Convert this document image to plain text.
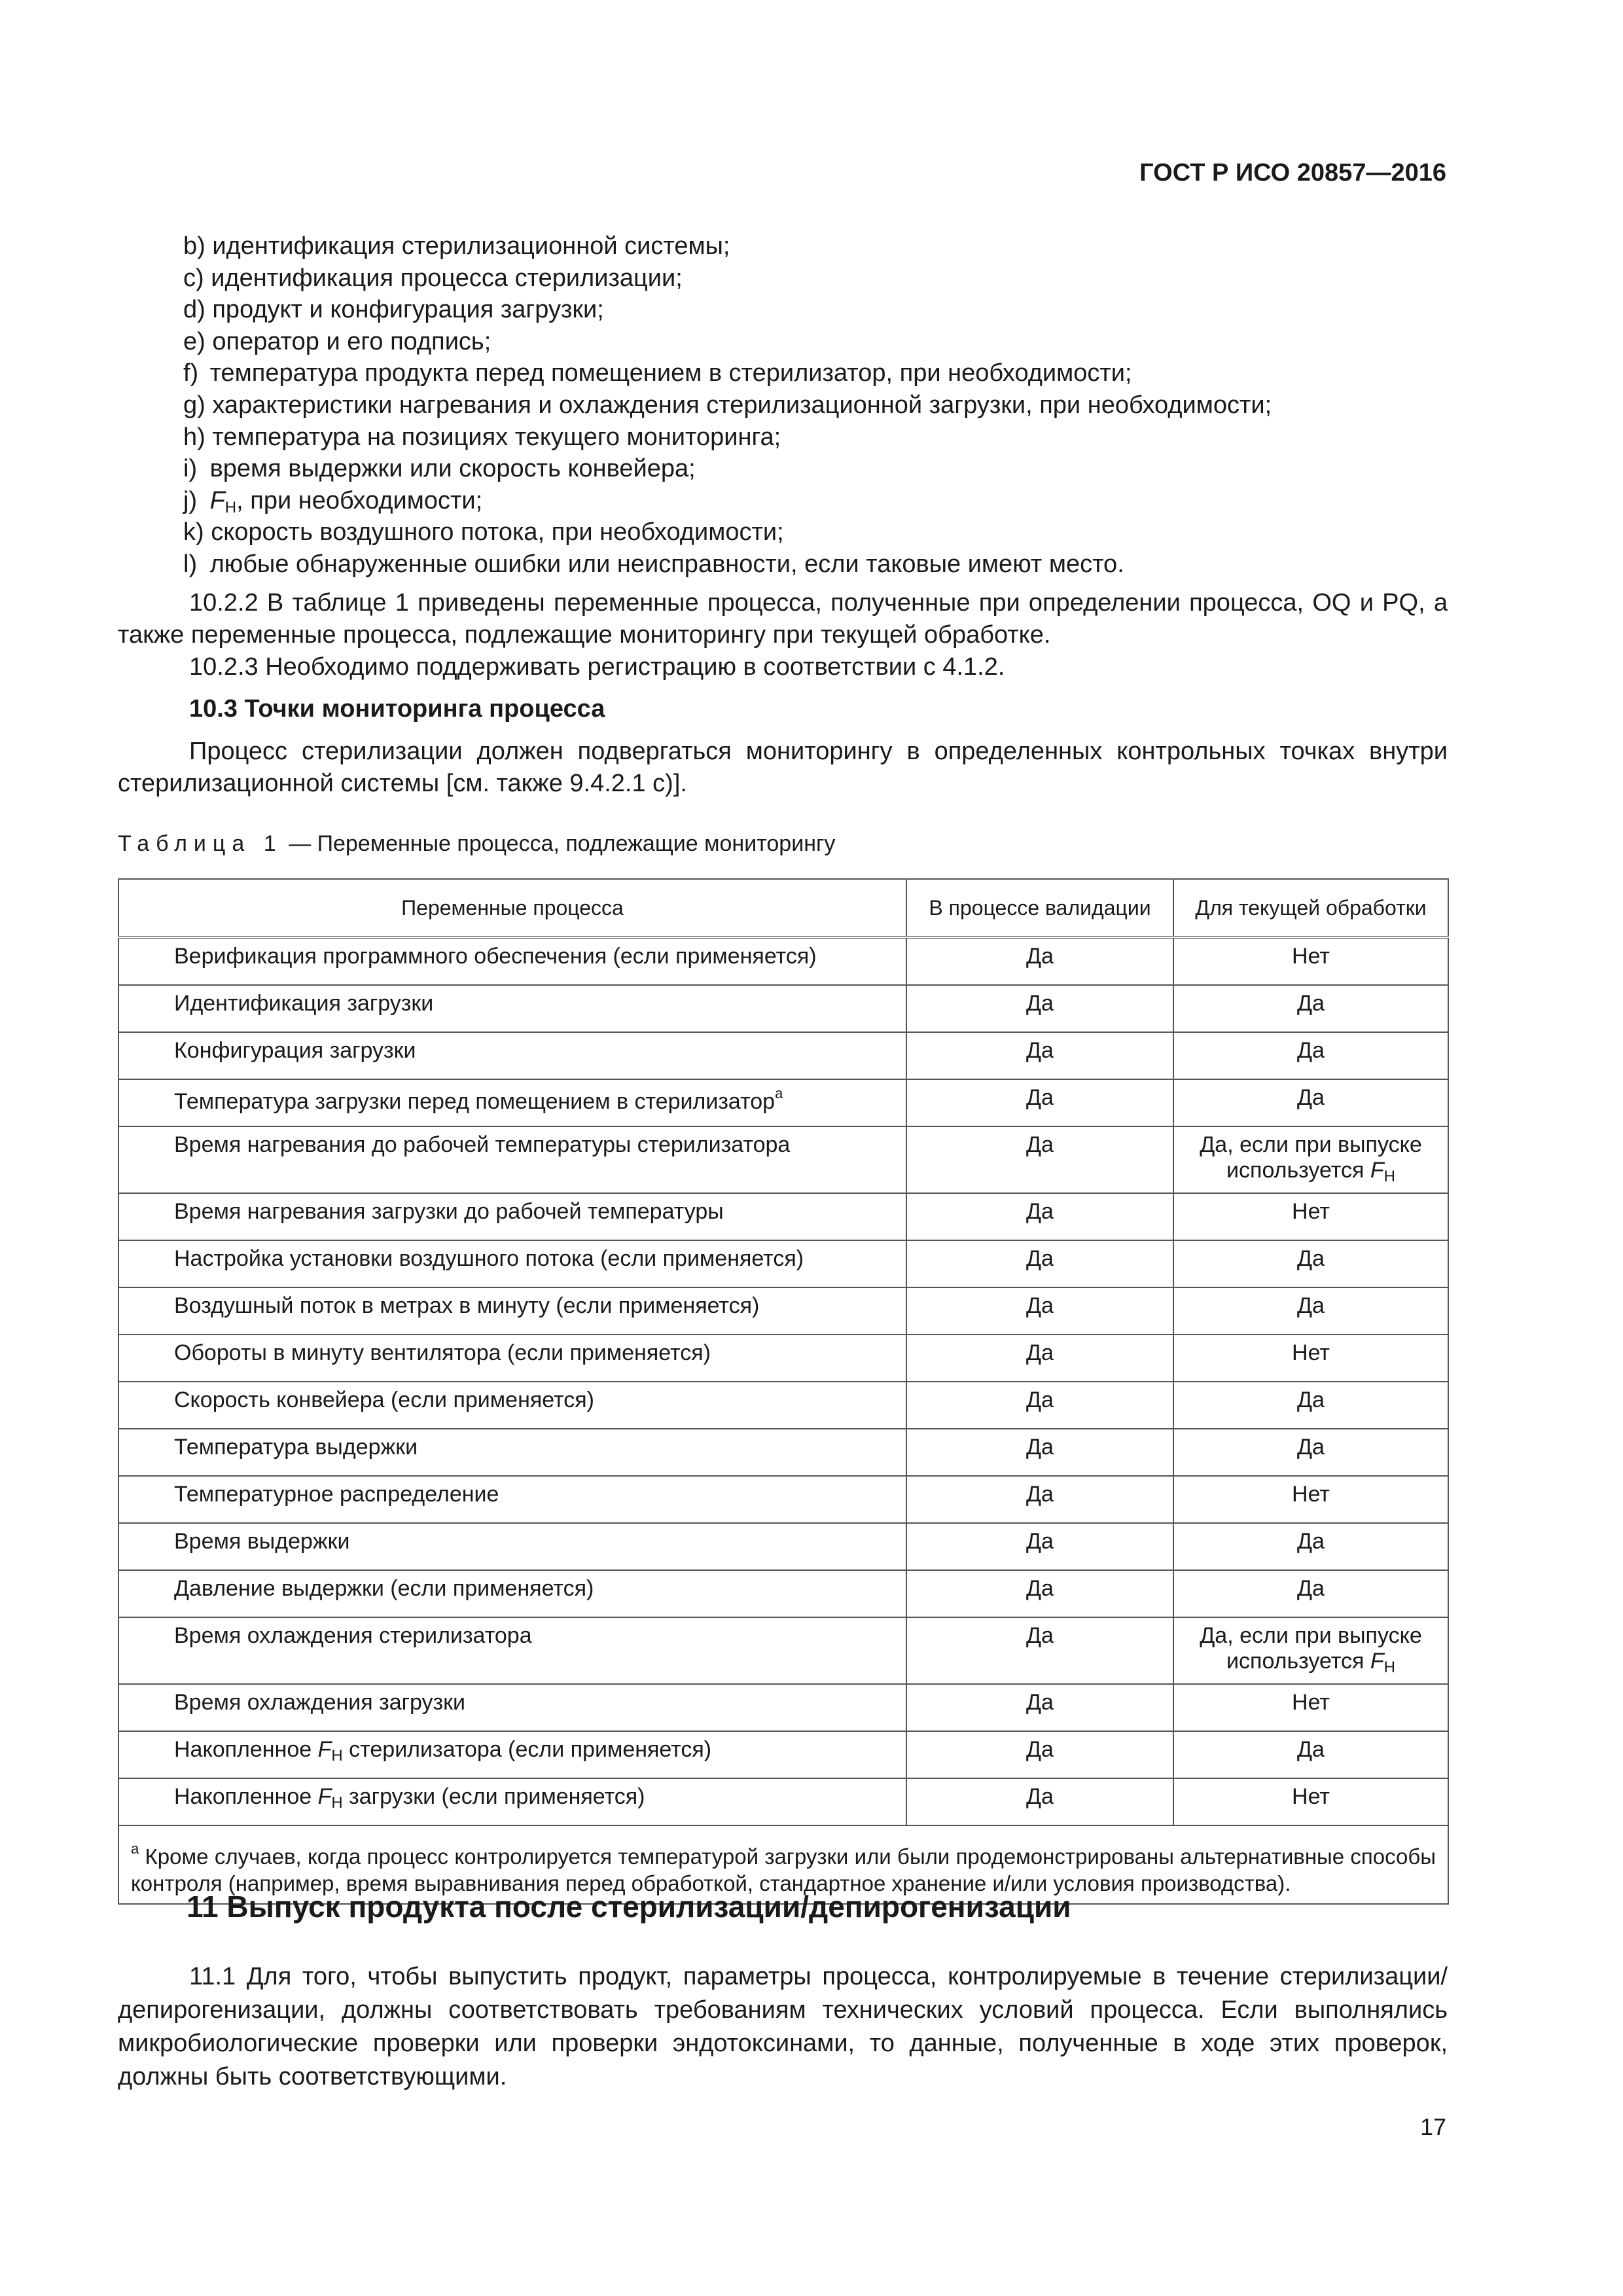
ГОСТ Р ИСО 20857—2016
b) идентификация стерилизационной системы;
c) идентификация процесса стерилизации;
d) продукт и конфигурация загрузки;
e) оператор и его подпись;
f) температура продукта перед помещением в стерилизатор, при необходимости;
g) характеристики нагревания и охлаждения стерилизационной загрузки, при необходимости;
h) температура на позициях текущего мониторинга;
i) время выдержки или скорость конвейера;
j) $F_H$, при необходимости;
k) скорость воздушного потока, при необходимости;
l) любые обнаруженные ошибки или неисправности, если таковые имеют место.
10.2.2 В таблице 1 приведены переменные процесса, полученные при определении процесса, OQ и PQ, а также переменные процесса, подлежащие мониторингу при текущей обработке.
10.2.3 Необходимо поддерживать регистрацию в соответствии с 4.1.2.
10.3 Точки мониторинга процесса
Процесс стерилизации должен подвергаться мониторингу в определенных контрольных точках внутри стерилизационной системы [см. также 9.4.2.1 с)].
Таблица 1 — Переменные процесса, подлежащие мониторингу
Переменные процесса	В процессе валидации	Для текущей обработки
Верификация программного обеспечения (если применяется)	Да	Нет
Идентификация загрузки	Да	Да
Конфигурация загрузки	Да	Да
Температура загрузки перед помещением в стерилизатор$^a$	Да	Да
Время нагревания до рабочей температуры стерилизатора	Да	Да, если при выпуске
используется $F_H$
Время нагревания загрузки до рабочей температуры	Да	Нет
Настройка установки воздушного потока (если применяется)	Да	Да
Воздушный поток в метрах в минуту (если применяется)	Да	Да
Обороты в минуту вентилятора (если применяется)	Да	Нет
Скорость конвейера (если применяется)	Да	Да
Температура выдержки	Да	Да
Температурное распределение	Да	Нет
Время выдержки	Да	Да
Давление выдержки (если применяется)	Да	Да
Время охлаждения стерилизатора	Да	Да, если при выпуске
используется $F_H$
Время охлаждения загрузки	Да	Нет
Накопленное $F_H$ стерилизатора (если применяется)	Да	Да
Накопленное $F_H$ загрузки (если применяется)	Да	Нет
$^a$ Кроме случаев, когда процесс контролируется температурой загрузки или были продемонстрированы альтернативные способы контроля (например, время выравнивания перед обработкой, стандартное хранение и/или условия производства).		
11 Выпуск продукта после стерилизации/депирогенизации
11.1 Для того, чтобы выпустить продукт, параметры процесса, контролируемые в течение стерилизации/депирогенизации, должны соответствовать требованиям технических условий процесса. Если выполнялись микробиологические проверки или проверки эндотоксинами, то данные, полученные в ходе этих проверок, должны быть соответствующими.
17
